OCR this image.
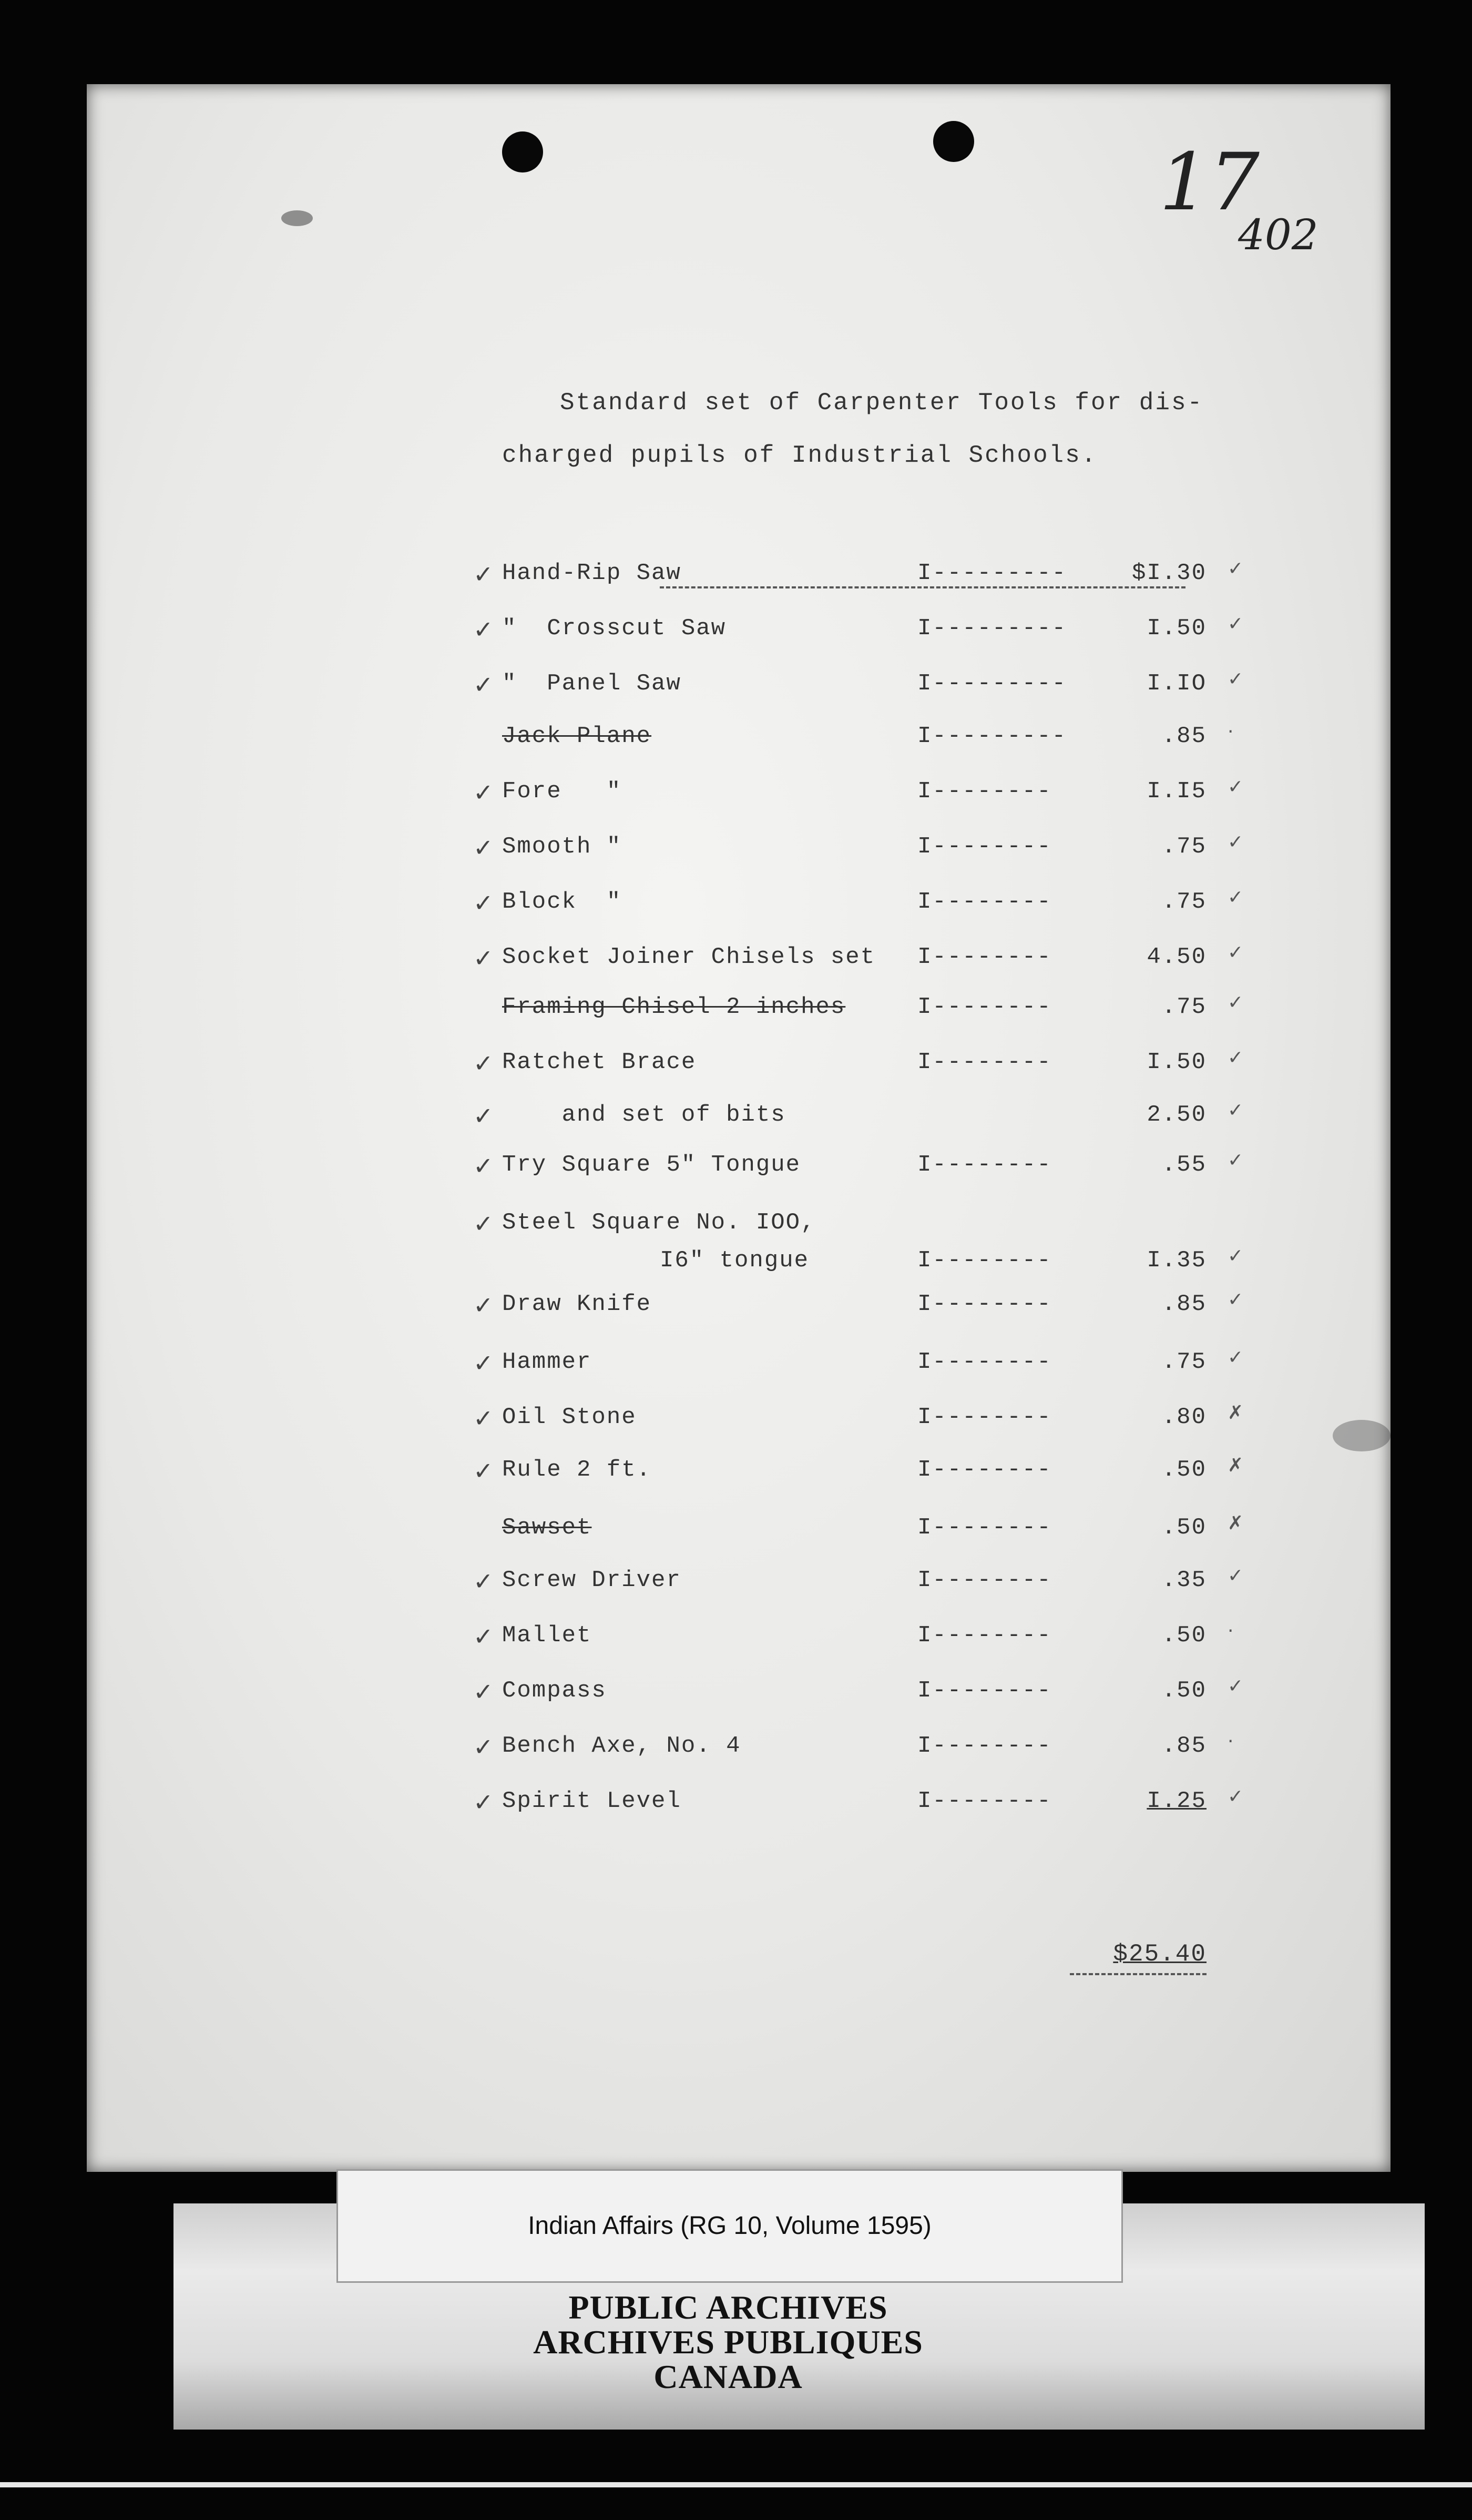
17
402
Standard set of Carpenter Tools for dis-
charged pupils of Industrial Schools.
✓ Hand-Rip Saw	I---------	$I.30 ✓
✓ "  Crosscut Saw	I---------	I.50 ✓
✓ "  Panel Saw	I---------	I.IO ✓
Jack Plane	I---------	.85 ·
✓ Fore   "	I--------	I.I5 ✓
✓ Smooth "	I--------	.75 ✓
✓ Block  "	I--------	.75 ✓
✓ Socket Joiner Chisels set I--------	4.50 ✓
Framing Chisel 2 inches	I--------	.75 ✓
✓ Ratchet Brace	I--------	I.50 ✓
✓ and set of bits	2.50 ✓
✓ Try Square 5" Tongue	I--------	.55 ✓
✓ Steel Square No. IOO,
I6" tongue	I--------	I.35 ✓
✓ Draw Knife	I--------	.85 ✓
✓ Hammer	I--------	.75 ✓
✓ Oil Stone	I--------	.80 ✗
✓ Rule 2 ft.	I--------	.50 ✗
Sawset	I--------	.50 ✗
✓ Screw Driver	I--------	.35 ✓
✓ Mallet	I--------	.50 ·
✓ Compass	I--------	.50 ✓
✓ Bench Axe, No. 4	I--------	.85 ·
✓ Spirit Level	I--------	I.25 ✓
$25.40
Indian Affairs (RG 10, Volume 1595)
PUBLIC ARCHIVES
ARCHIVES PUBLIQUES
CANADA
